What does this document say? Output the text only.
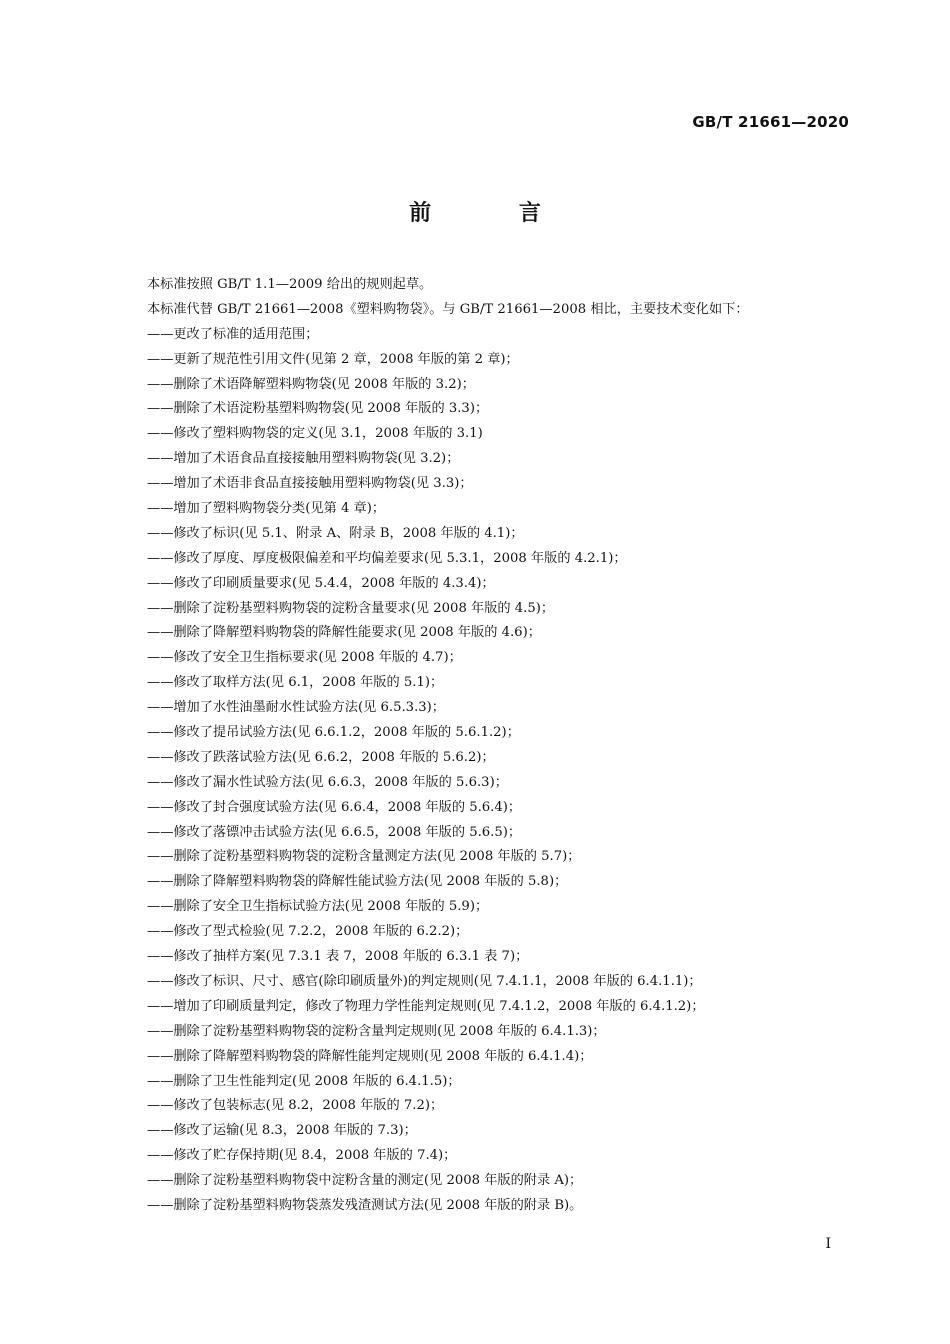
GB/T 21661—2020
前 言
本标准按照 GB/T 1.1—2009 给出的规则起草。
本标准代替 GB/T 21661—2008《塑料购物袋》。与 GB/T 21661—2008 相比，主要技术变化如下：
——更改了标准的适用范围；
——更新了规范性引用文件(见第 2 章，2008 年版的第 2 章)；
——删除了术语降解塑料购物袋(见 2008 年版的 3.2)；
——删除了术语淀粉基塑料购物袋(见 2008 年版的 3.3)；
——修改了塑料购物袋的定义(见 3.1，2008 年版的 3.1)
——增加了术语食品直接接触用塑料购物袋(见 3.2)；
——增加了术语非食品直接接触用塑料购物袋(见 3.3)；
——增加了塑料购物袋分类(见第 4 章)；
——修改了标识(见 5.1、附录 A、附录 B，2008 年版的 4.1)；
——修改了厚度、厚度极限偏差和平均偏差要求(见 5.3.1，2008 年版的 4.2.1)；
——修改了印刷质量要求(见 5.4.4，2008 年版的 4.3.4)；
——删除了淀粉基塑料购物袋的淀粉含量要求(见 2008 年版的 4.5)；
——删除了降解塑料购物袋的降解性能要求(见 2008 年版的 4.6)；
——修改了安全卫生指标要求(见 2008 年版的 4.7)；
——修改了取样方法(见 6.1，2008 年版的 5.1)；
——增加了水性油墨耐水性试验方法(见 6.5.3.3)；
——修改了提吊试验方法(见 6.6.1.2，2008 年版的 5.6.1.2)；
——修改了跌落试验方法(见 6.6.2，2008 年版的 5.6.2)；
——修改了漏水性试验方法(见 6.6.3，2008 年版的 5.6.3)；
——修改了封合强度试验方法(见 6.6.4，2008 年版的 5.6.4)；
——修改了落镖冲击试验方法(见 6.6.5，2008 年版的 5.6.5)；
——删除了淀粉基塑料购物袋的淀粉含量测定方法(见 2008 年版的 5.7)；
——删除了降解塑料购物袋的降解性能试验方法(见 2008 年版的 5.8)；
——删除了安全卫生指标试验方法(见 2008 年版的 5.9)；
——修改了型式检验(见 7.2.2，2008 年版的 6.2.2)；
——修改了抽样方案(见 7.3.1 表 7，2008 年版的 6.3.1 表 7)；
——修改了标识、尺寸、感官(除印刷质量外)的判定规则(见 7.4.1.1，2008 年版的 6.4.1.1)；
——增加了印刷质量判定，修改了物理力学性能判定规则(见 7.4.1.2，2008 年版的 6.4.1.2)；
——删除了淀粉基塑料购物袋的淀粉含量判定规则(见 2008 年版的 6.4.1.3)；
——删除了降解塑料购物袋的降解性能判定规则(见 2008 年版的 6.4.1.4)；
——删除了卫生性能判定(见 2008 年版的 6.4.1.5)；
——修改了包装标志(见 8.2，2008 年版的 7.2)；
——修改了运输(见 8.3，2008 年版的 7.3)；
——修改了贮存保持期(见 8.4，2008 年版的 7.4)；
——删除了淀粉基塑料购物袋中淀粉含量的测定(见 2008 年版的附录 A)；
——删除了淀粉基塑料购物袋蒸发残渣测试方法(见 2008 年版的附录 B)。
I
